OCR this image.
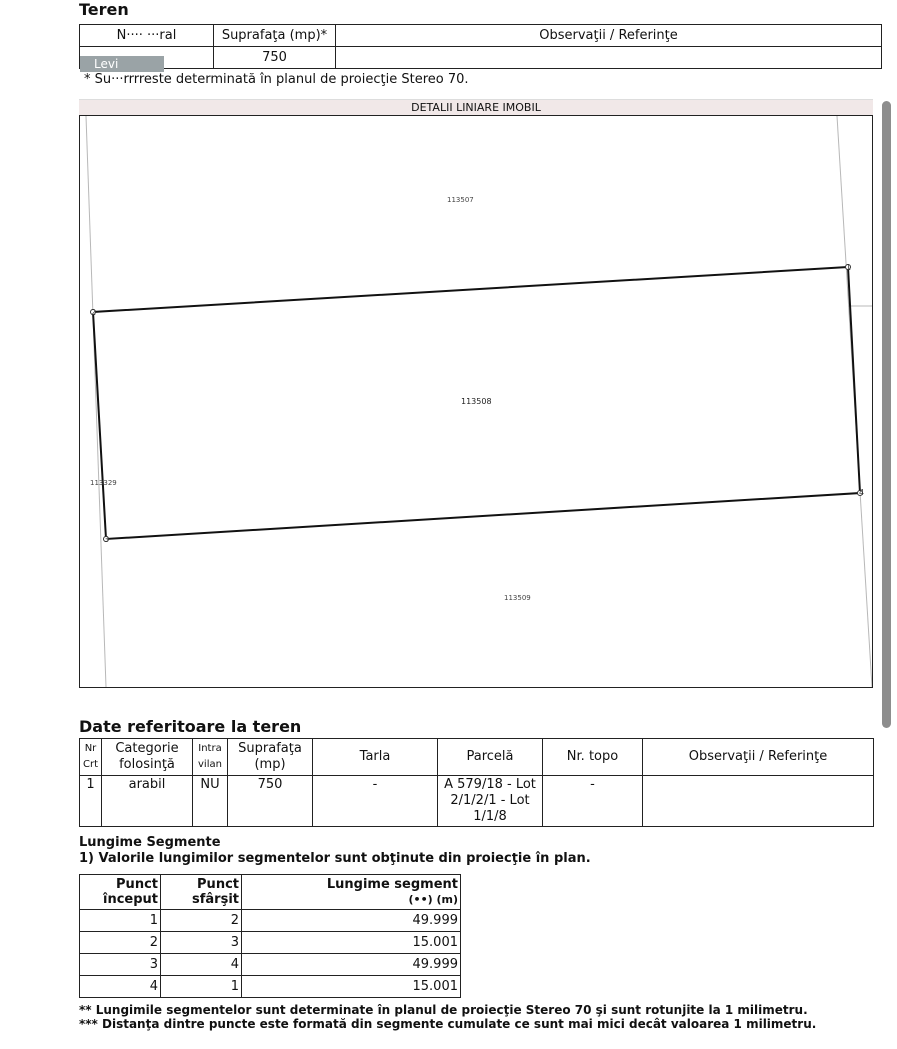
Teren
N···· ···ral	Suprafaţa (mp)*	Observaţii / Referinţe
	750	
Levi
* Su···rrrreste determinată în planul de proiecţie Stereo 70.
DETALII LINIARE IMOBIL
1
2
3
4
113507
113508
113329
113509
Date referitoare la teren
Nr Crt	Categorie folosinţă	Intra vilan	Suprafaţa (mp)	Tarla	Parcelă	Nr. topo	Observaţii / Referinţe
1	arabil	NU	750	-	A 579/18 - Lot 2/1/2/1 - Lot 1/1/8	-	
Lungime Segmente
1) Valorile lungimilor segmentelor sunt obţinute din proiecţie în plan.
Punct început	Punct sfârşit	Lungime segment
(••) (m)

1	2	49.999
2	3	15.001
3	4	49.999
4	1	15.001
** Lungimile segmentelor sunt determinate în planul de proiecţie Stereo 70 şi sunt rotunjite la 1 milimetru.
*** Distanţa dintre puncte este formată din segmente cumulate ce sunt mai mici decât valoarea 1 milimetru.
